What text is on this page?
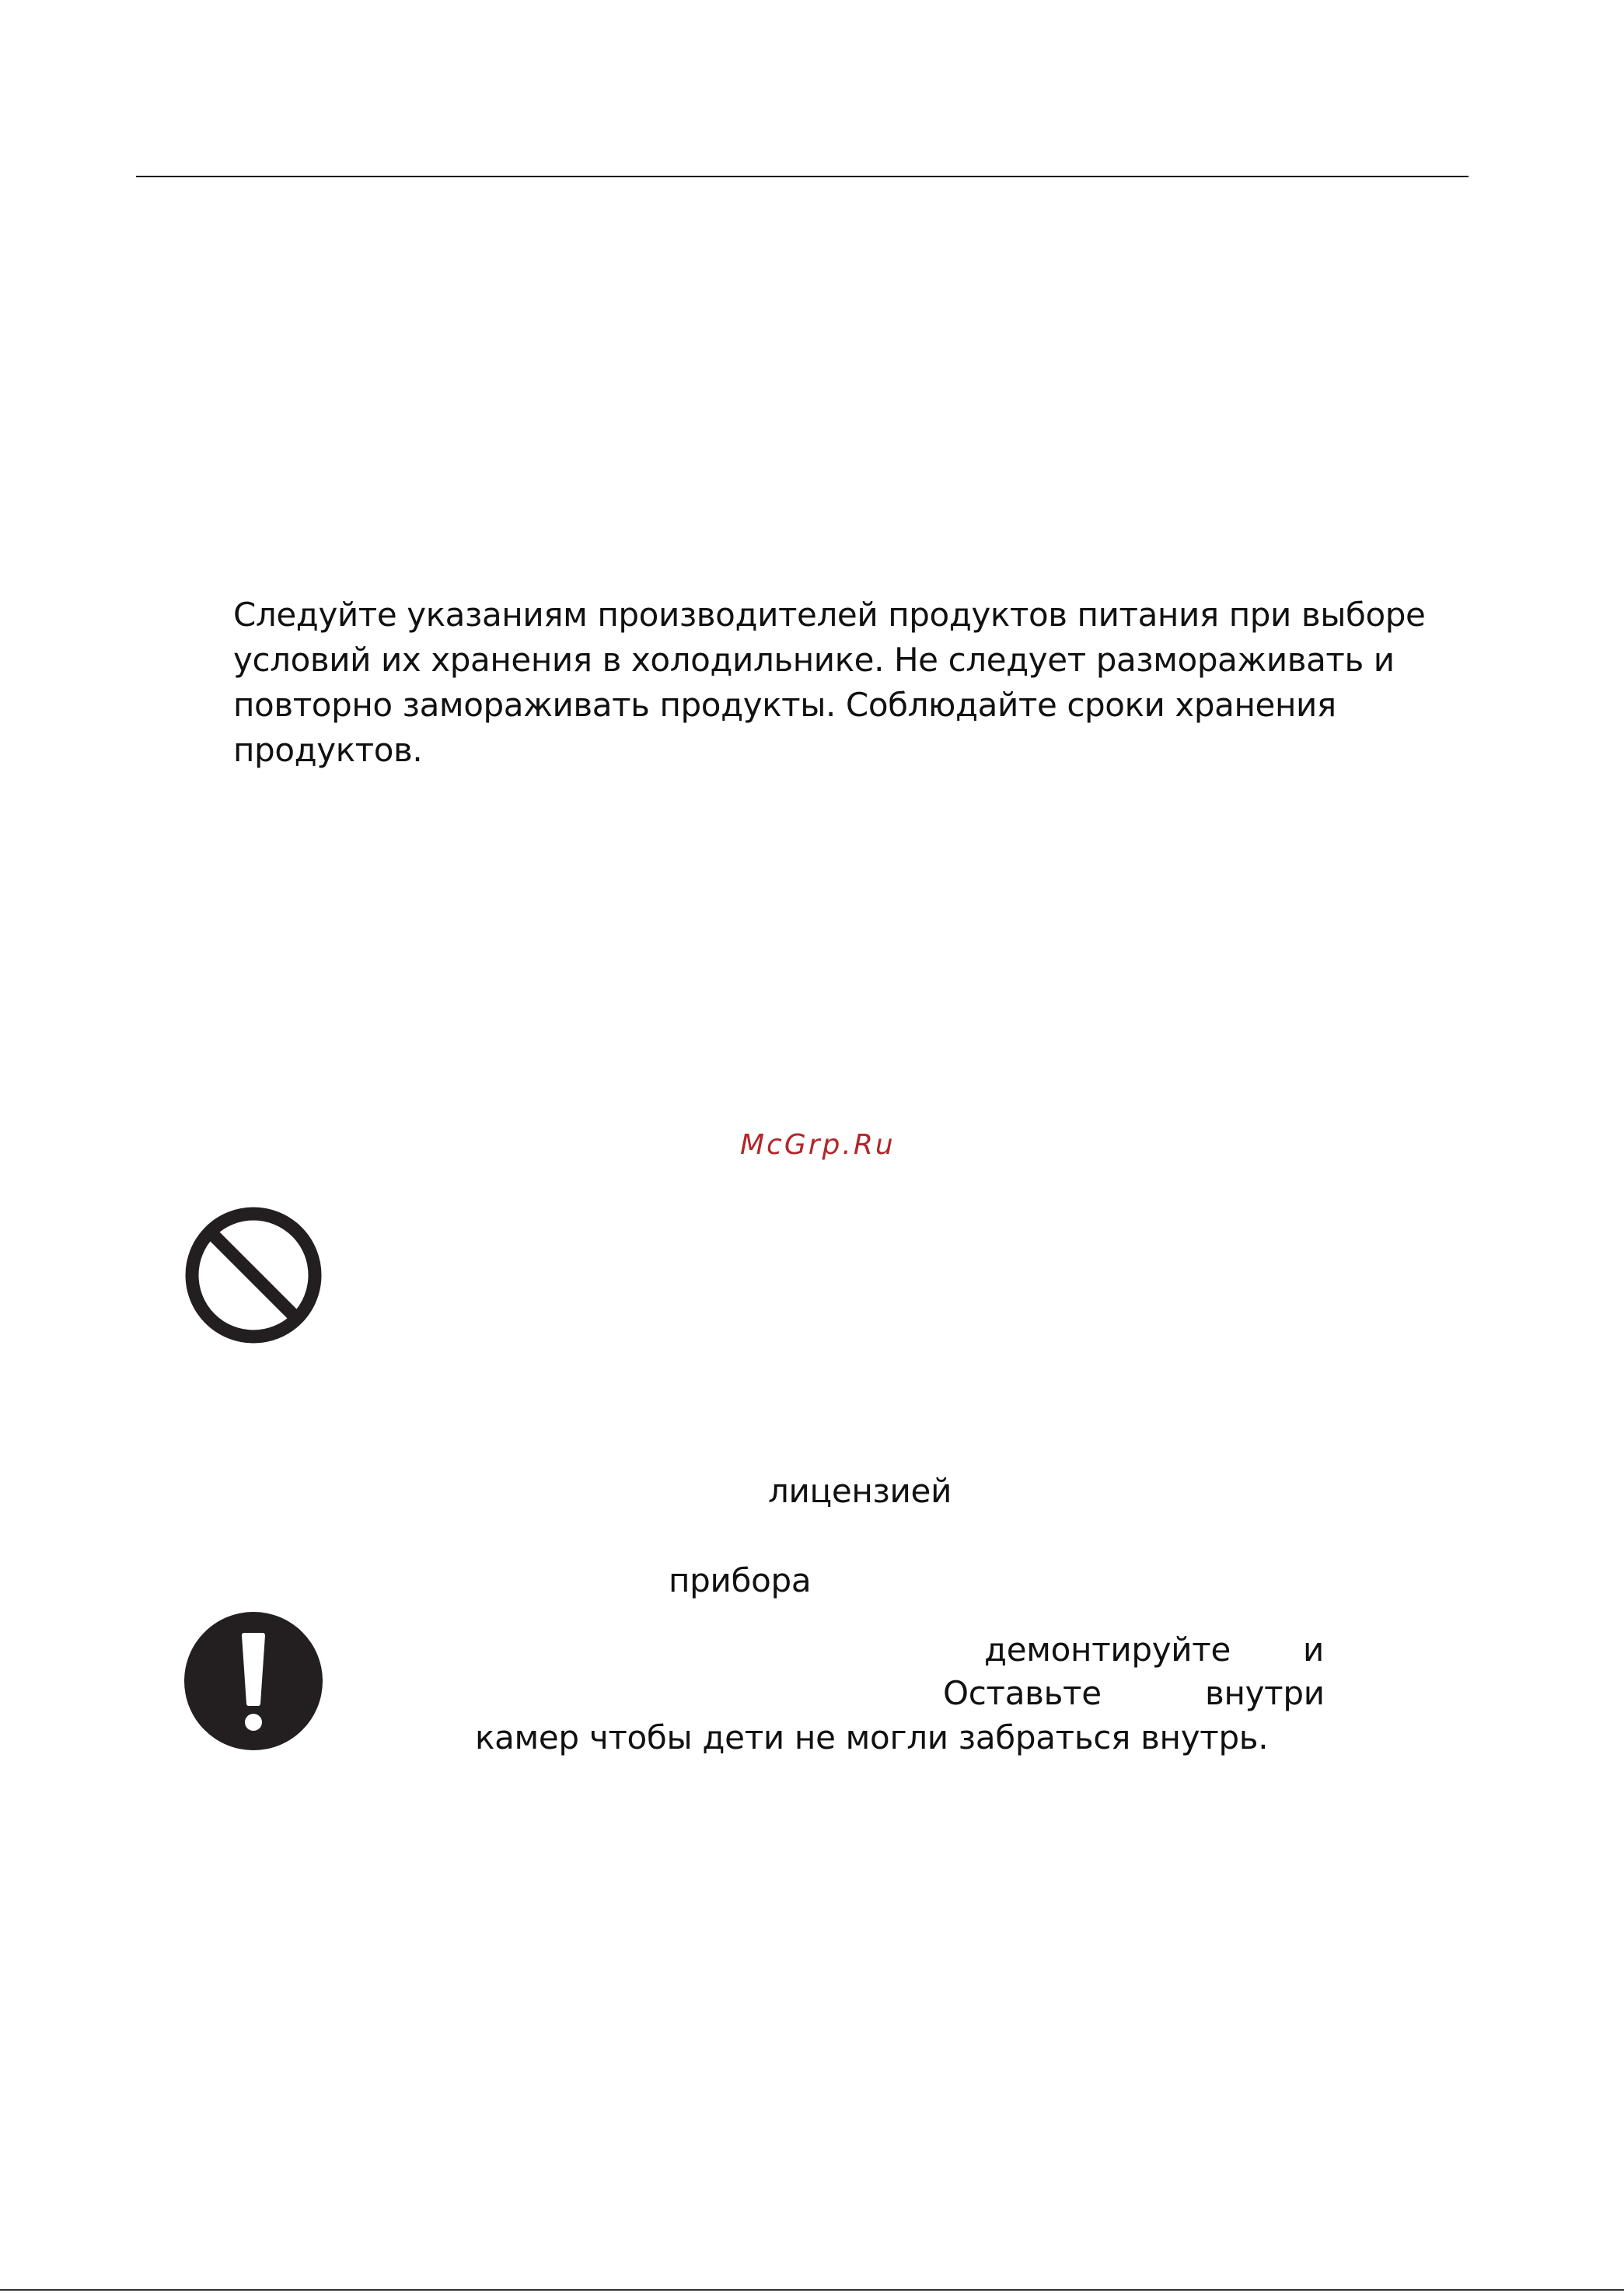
Следуйте указаниям производителей продуктов питания при выборе
условий их хранения в холодильнике. Не следует размораживать и
повторно замораживать продукты. Соблюдайте сроки хранения
продуктов.
McGrp.Ru
лицензией
прибора
демонтируйте и
Оставьте	внутри
камер чтобы дети не могли забраться внутрь.
